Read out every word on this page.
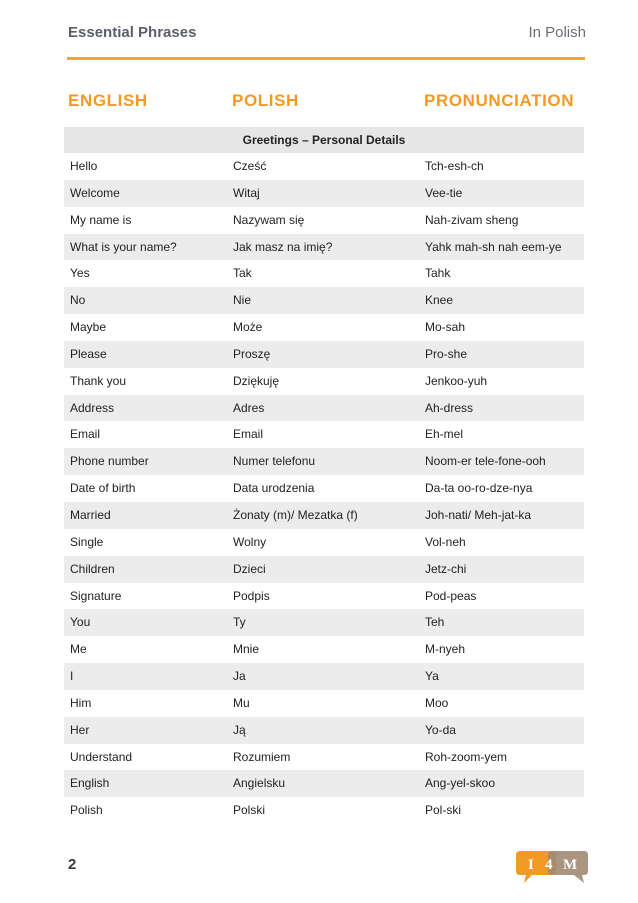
Essential Phrases	In Polish
ENGLISH	POLISH	PRONUNCIATION
Greetings – Personal Details
Hello	Cześć	Tch-esh-ch
Welcome	Witaj	Vee-tie
My name is	Nazywam się	Nah-zivam sheng
What is your name?	Jak masz na imię?	Yahk mah-sh nah eem-ye
Yes	Tak	Tahk
No	Nie	Knee
Maybe	Może	Mo-sah
Please	Proszę	Pro-she
Thank you	Dziękuję	Jenkoo-yuh
Address	Adres	Ah-dress
Email	Email	Eh-mel
Phone number	Numer telefonu	Noom-er tele-fone-ooh
Date of birth	Data urodzenia	Da-ta oo-ro-dze-nya
Married	Żonaty (m)/ Mezatka (f)	Joh-nati/ Meh-jat-ka
Single	Wolny	Vol-neh
Children	Dzieci	Jetz-chi
Signature	Podpis	Pod-peas
You	Ty	Teh
Me	Mnie	M-nyeh
I	Ja	Ya
Him	Mu	Moo
Her	Ją	Yo-da
Understand	Rozumiem	Roh-zoom-yem
English	Angielsku	Ang-yel-skoo
Polish	Polski	Pol-ski
2	I 4 M
